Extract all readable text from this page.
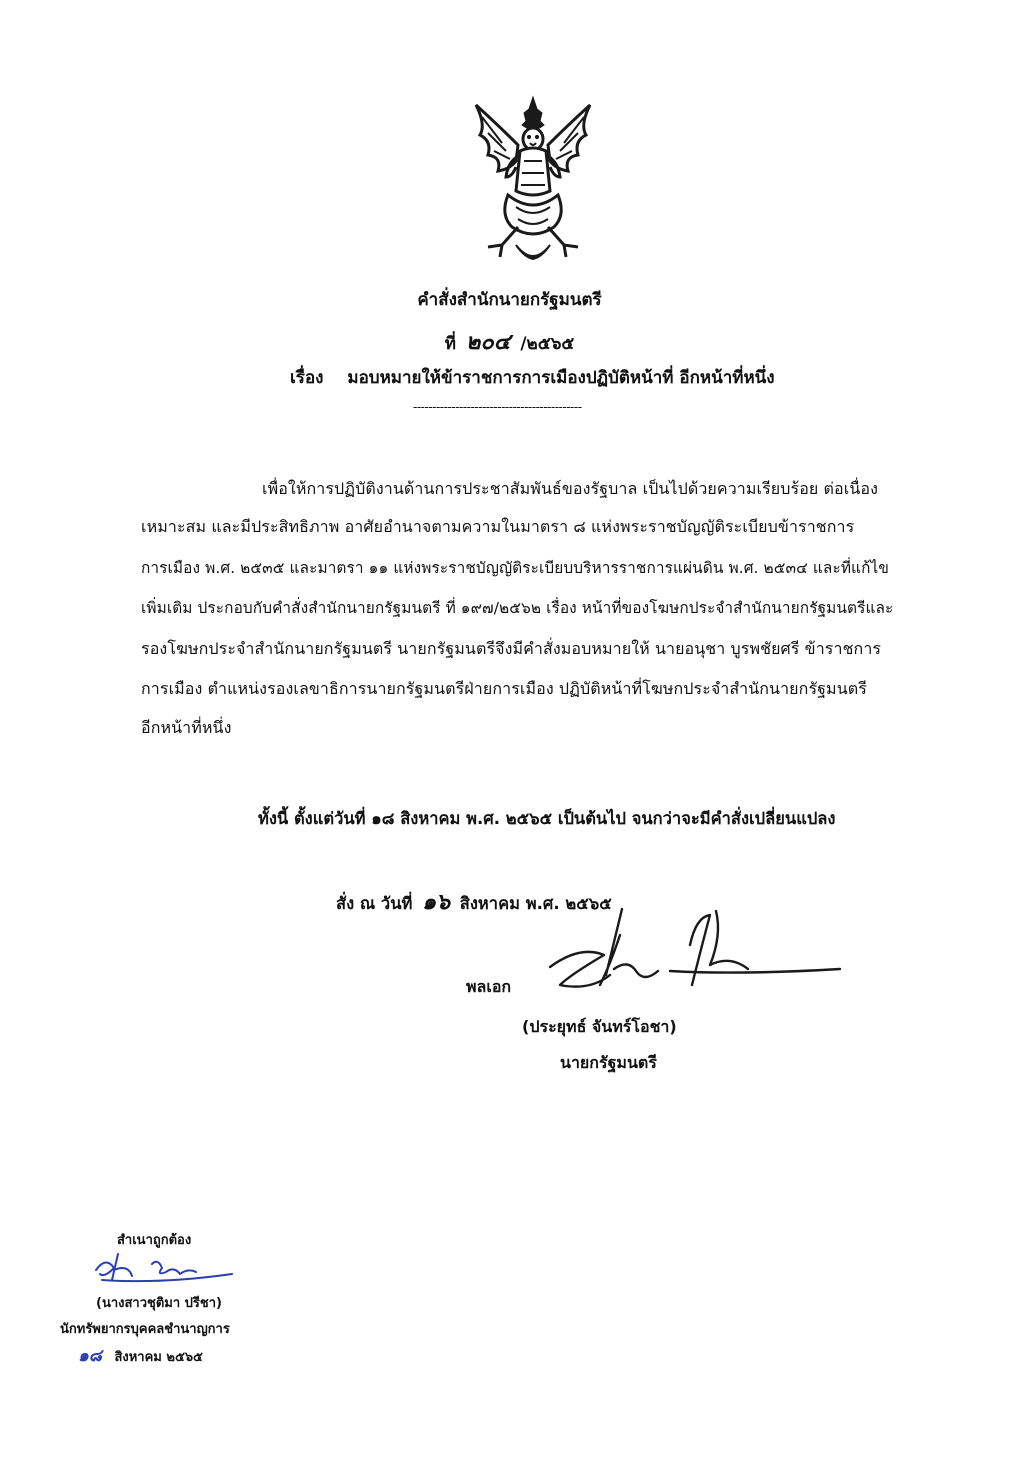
คำสั่งสำนักนายกรัฐมนตรี
ที่ ๒๐๔ /๒๕๖๕
เรื่อง มอบหมายให้ข้าราชการการเมืองปฏิบัติหน้าที่ อีกหน้าที่หนึ่ง
--------------------------------------------
เพื่อให้การปฏิบัติงานด้านการประชาสัมพันธ์ของรัฐบาล เป็นไปด้วยความเรียบร้อย ต่อเนื่อง
เหมาะสม และมีประสิทธิภาพ อาศัยอำนาจตามความในมาตรา ๘ แห่งพระราชบัญญัติระเบียบข้าราชการ
การเมือง พ.ศ. ๒๕๓๕ และมาตรา ๑๑ แห่งพระราชบัญญัติระเบียบบริหารราชการแผ่นดิน พ.ศ. ๒๕๓๔ และที่แก้ไข
เพิ่มเติม ประกอบกับคำสั่งสำนักนายกรัฐมนตรี ที่ ๑๙๗/๒๕๖๒ เรื่อง หน้าที่ของโฆษกประจำสำนักนายกรัฐมนตรีและ
รองโฆษกประจำสำนักนายกรัฐมนตรี นายกรัฐมนตรีจึงมีคำสั่งมอบหมายให้ นายอนุชา บูรพชัยศรี ข้าราชการ
การเมือง ตำแหน่งรองเลขาธิการนายกรัฐมนตรีฝ่ายการเมือง ปฏิบัติหน้าที่โฆษกประจำสำนักนายกรัฐมนตรี
อีกหน้าที่หนึ่ง
ทั้งนี้ ตั้งแต่วันที่ ๑๘ สิงหาคม พ.ศ. ๒๕๖๕ เป็นต้นไป จนกว่าจะมีคำสั่งเปลี่ยนแปลง
สั่ง ณ วันที่ ๑๖ สิงหาคม พ.ศ. ๒๕๖๕
พลเอก
(ประยุทธ์ จันทร์โอชา)
นายกรัฐมนตรี
สำเนาถูกต้อง
(นางสาวชุติมา ปรีชา)
นักทรัพยากรบุคคลชำนาญการ
๑๘ สิงหาคม ๒๕๖๕
